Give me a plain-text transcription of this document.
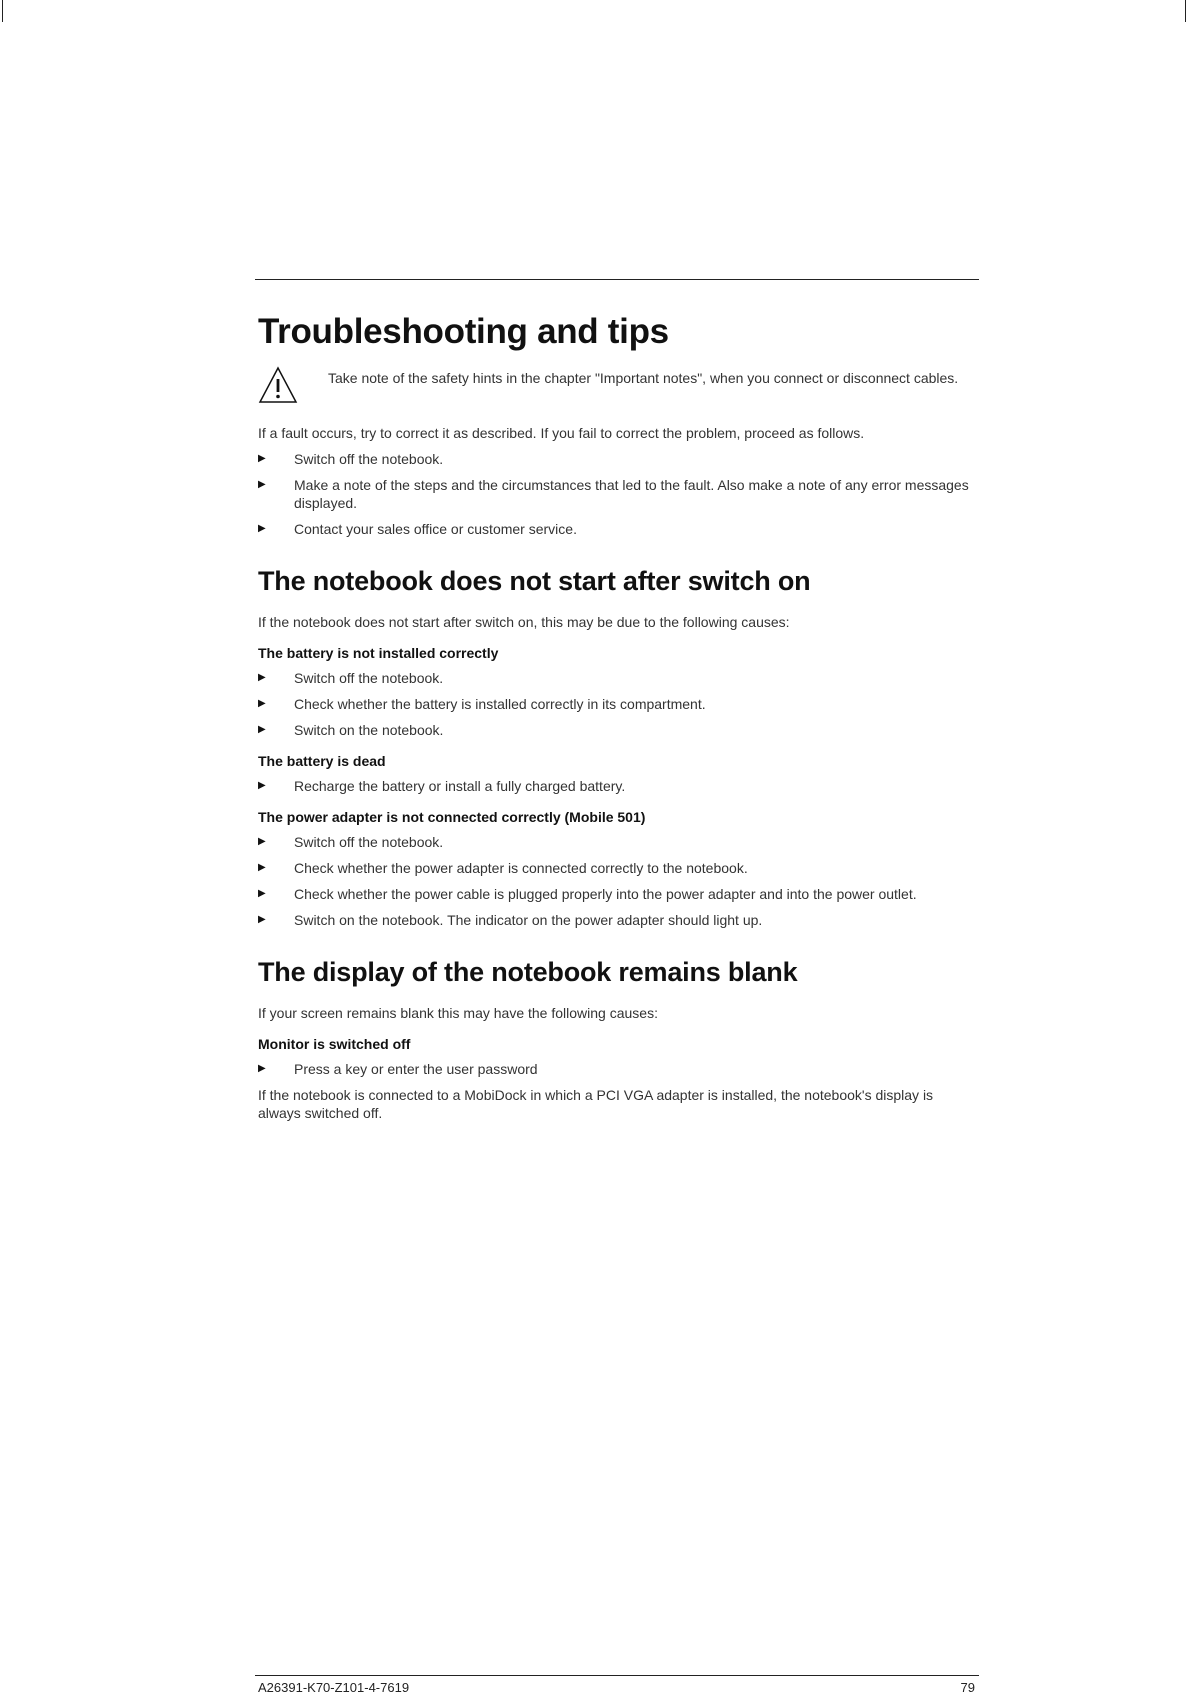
Troubleshooting and tips
Take note of the safety hints in the chapter "Important notes", when you connect or disconnect cables.

If a fault occurs, try to correct it as described. If you fail to correct the problem, proceed as follows.

▶ Switch off the notebook.
▶ Make a note of the steps and the circumstances that led to the fault. Also make a note of any error messages displayed.
▶ Contact your sales office or customer service.
The notebook does not start after switch on

If the notebook does not start after switch on, this may be due to the following causes:

The battery is not installed correctly
▶ Switch off the notebook.
▶ Check whether the battery is installed correctly in its compartment.
▶ Switch on the notebook.
The battery is dead
▶ Recharge the battery or install a fully charged battery.
The power adapter is not connected correctly (Mobile 501)
▶ Switch off the notebook.
▶ Check whether the power adapter is connected correctly to the notebook.
▶ Check whether the power cable is plugged properly into the power adapter and into the power outlet.
▶ Switch on the notebook. The indicator on the power adapter should light up.
The display of the notebook remains blank

If your screen remains blank this may have the following causes:

Monitor is switched off
▶ Press a key or enter the user password

If the notebook is connected to a MobiDock in which a PCI VGA adapter is installed, the notebook's display is always switched off.

A26391-K70-Z101-4-7619	79
